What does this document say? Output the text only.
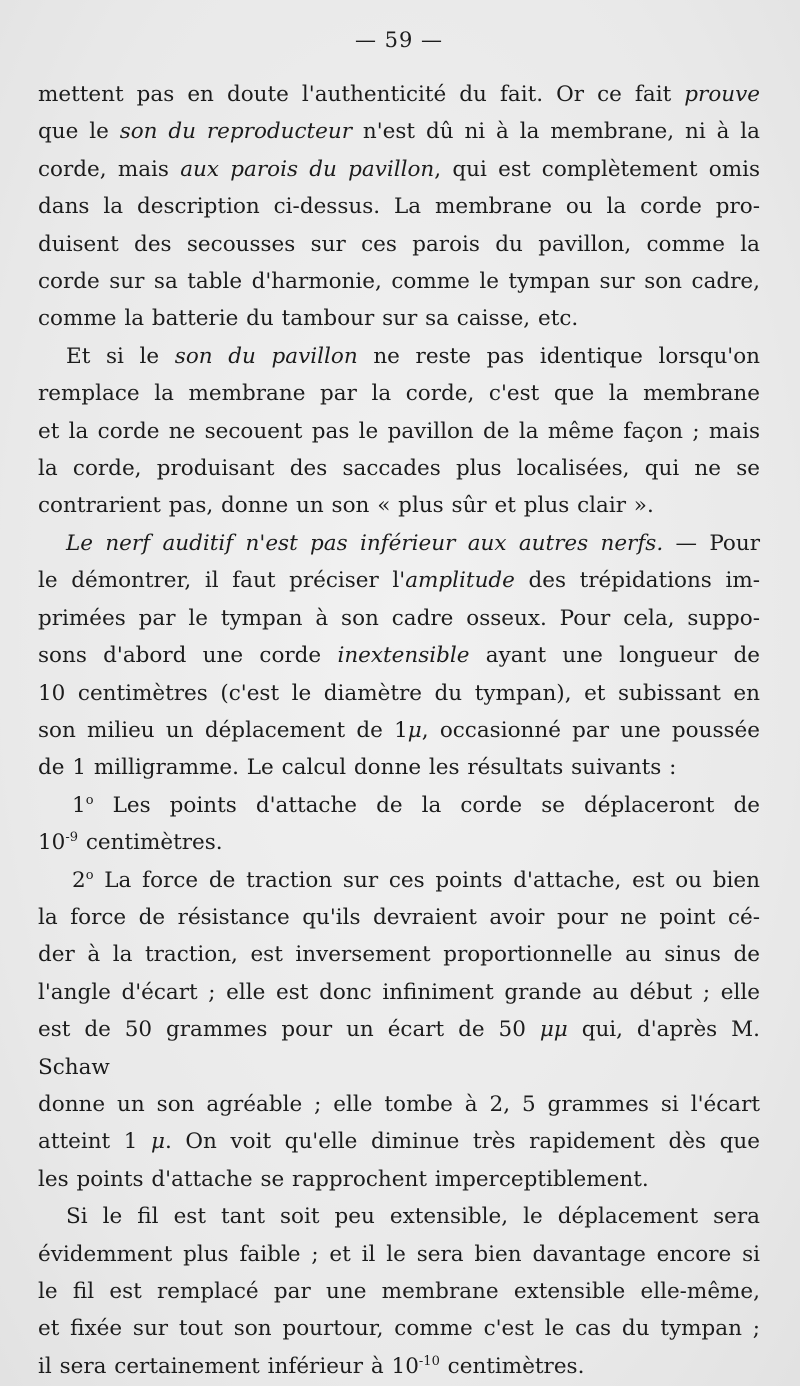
— 59 —
mettent pas en doute l'authenticité du fait. Or ce fait prouve
que le son du reproducteur n'est dû ni à la membrane, ni à la
corde, mais aux parois du pavillon, qui est complètement omis
dans la description ci-dessus. La membrane ou la corde pro-
duisent des secousses sur ces parois du pavillon, comme la
corde sur sa table d'harmonie, comme le tympan sur son cadre,
comme la batterie du tambour sur sa caisse, etc.
Et si le son du pavillon ne reste pas identique lorsqu'on
remplace la membrane par la corde, c'est que la membrane
et la corde ne secouent pas le pavillon de la même façon ; mais
la corde, produisant des saccades plus localisées, qui ne se
contrarient pas, donne un son « plus sûr et plus clair ».
Le nerf auditif n'est pas inférieur aux autres nerfs. — Pour
le démontrer, il faut préciser l'amplitude des trépidations im-
primées par le tympan à son cadre osseux. Pour cela, suppo-
sons d'abord une corde inextensible ayant une longueur de
10 centimètres (c'est le diamètre du tympan), et subissant en
son milieu un déplacement de 1μ, occasionné par une poussée
de 1 milligramme. Le calcul donne les résultats suivants :
1$^o$ Les points d'attache de la corde se déplaceront de
$10^{-9}$ centimètres.
2$^o$ La force de traction sur ces points d'attache, est ou bien
la force de résistance qu'ils devraient avoir pour ne point cé-
der à la traction, est inversement proportionnelle au sinus de
l'angle d'écart ; elle est donc infiniment grande au début ; elle
est de 50 grammes pour un écart de 50 μμ qui, d'après M. Schaw
donne un son agréable ; elle tombe à 2, 5 grammes si l'écart
atteint 1 μ. On voit qu'elle diminue très rapidement dès que
les points d'attache se rapprochent imperceptiblement.
Si le fil est tant soit peu extensible, le déplacement sera
évidemment plus faible ; et il le sera bien davantage encore si
le fil est remplacé par une membrane extensible elle-même,
et fixée sur tout son pourtour, comme c'est le cas du tympan ;
il sera certainement inférieur à $10^{-10}$ centimètres.
